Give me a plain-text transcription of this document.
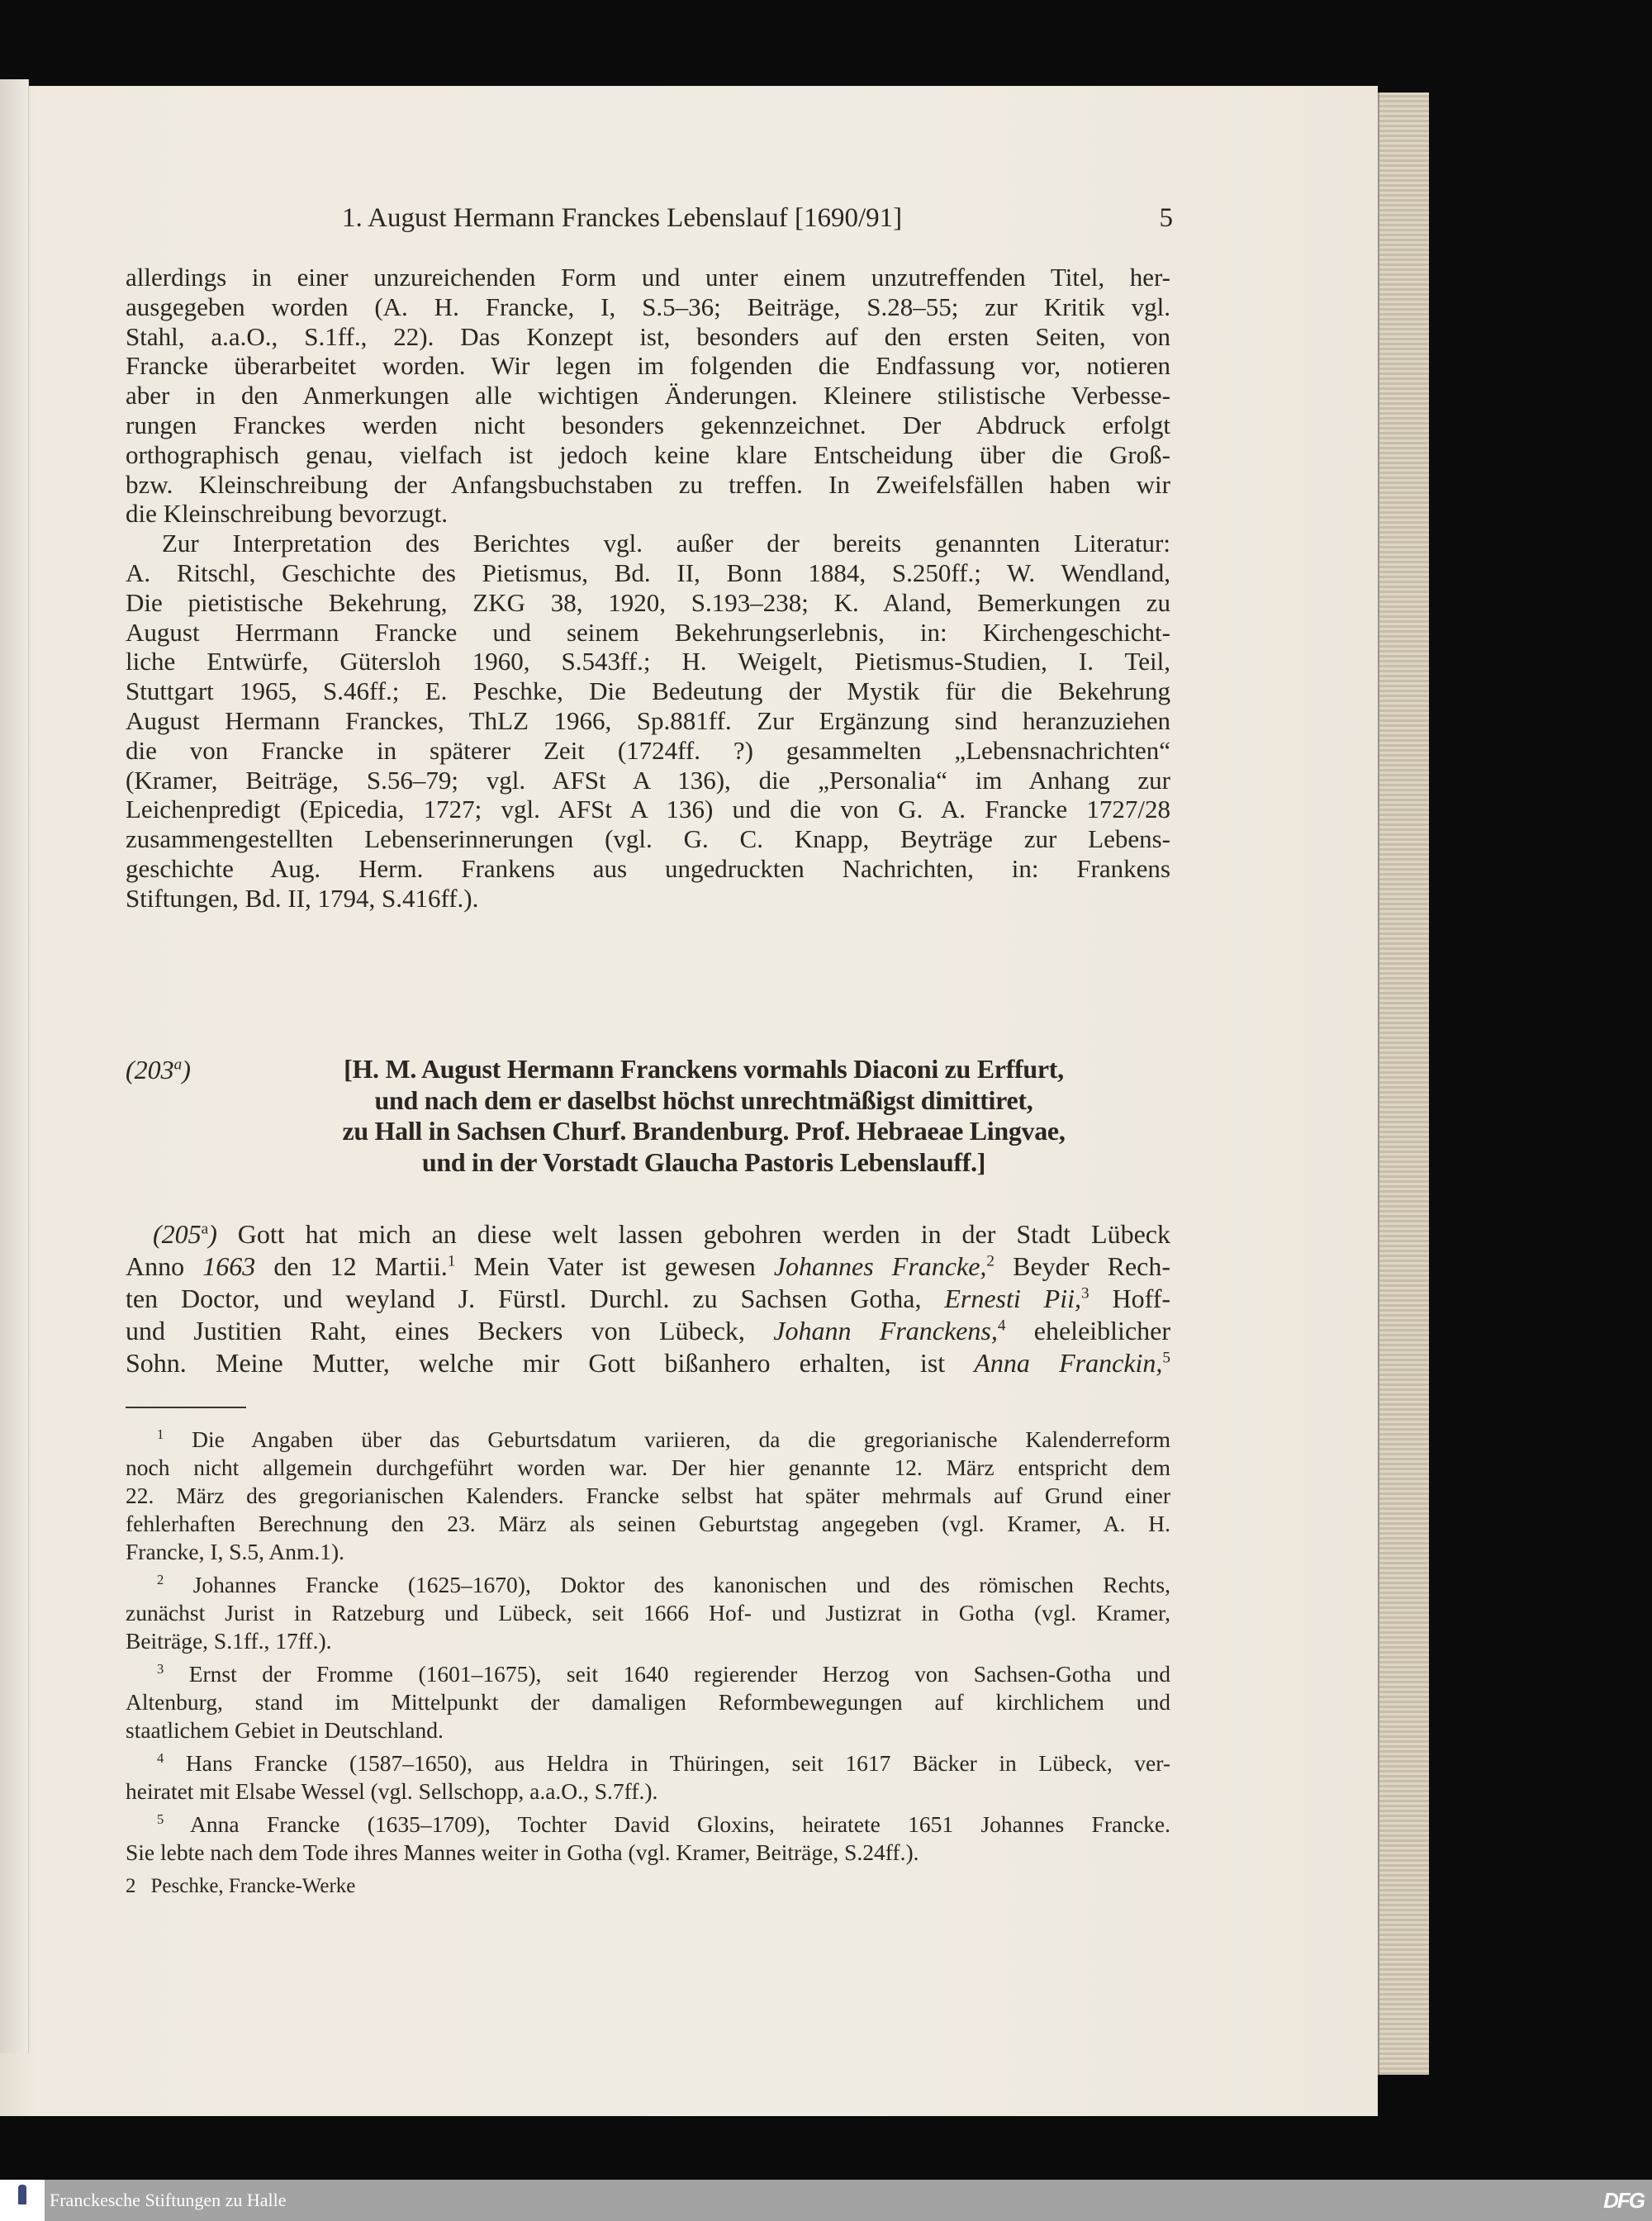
1. August Hermann Franckes Lebenslauf [1690/91]	5
allerdings in einer unzureichenden Form und unter einem unzutreffenden Titel, her-
ausgegeben worden (A. H. Francke, I, S.5–36; Beiträge, S.28–55; zur Kritik vgl.
Stahl, a.a.O., S.1ff., 22). Das Konzept ist, besonders auf den ersten Seiten, von
Francke überarbeitet worden. Wir legen im folgenden die Endfassung vor, notieren
aber in den Anmerkungen alle wichtigen Änderungen. Kleinere stilistische Verbesse-
rungen Franckes werden nicht besonders gekennzeichnet. Der Abdruck erfolgt
orthographisch genau, vielfach ist jedoch keine klare Entscheidung über die Groß-
bzw. Kleinschreibung der Anfangsbuchstaben zu treffen. In Zweifelsfällen haben wir
die Kleinschreibung bevorzugt.
Zur Interpretation des Berichtes vgl. außer der bereits genannten Literatur:
A. Ritschl, Geschichte des Pietismus, Bd. II, Bonn 1884, S.250ff.; W. Wendland,
Die pietistische Bekehrung, ZKG 38, 1920, S.193–238; K. Aland, Bemerkungen zu
August Herrmann Francke und seinem Bekehrungserlebnis, in: Kirchengeschicht-
liche Entwürfe, Gütersloh 1960, S.543ff.; H. Weigelt, Pietismus-Studien, I. Teil,
Stuttgart 1965, S.46ff.; E. Peschke, Die Bedeutung der Mystik für die Bekehrung
August Hermann Franckes, ThLZ 1966, Sp.881ff. Zur Ergänzung sind heranzuziehen
die von Francke in späterer Zeit (1724ff. ?) gesammelten „Lebensnachrichten“
(Kramer, Beiträge, S.56–79; vgl. AFSt A 136), die „Personalia“ im Anhang zur
Leichenpredigt (Epicedia, 1727; vgl. AFSt A 136) und die von G. A. Francke 1727/28
zusammengestellten Lebenserinnerungen (vgl. G. C. Knapp, Beyträge zur Lebens-
geschichte Aug. Herm. Frankens aus ungedruckten Nachrichten, in: Frankens
Stiftungen, Bd. II, 1794, S.416ff.).
(203$^a$)	[H. M. August Hermann Franckens vormahls Diaconi zu Erffurt,
und nach dem er daselbst höchst unrechtmäßigst dimittiret,
zu Hall in Sachsen Churf. Brandenburg. Prof. Hebraeae Lingvae,
und in der Vorstadt Glaucha Pastoris Lebenslauff.]
(205$^a$) Gott hat mich an diese welt lassen gebohren werden in der Stadt Lübeck
Anno 1663 den 12 Martii.$^1$ Mein Vater ist gewesen Johannes Francke,$^2$ Beyder Rech-
ten Doctor, und weyland J. Fürstl. Durchl. zu Sachsen Gotha, Ernesti Pii,$^3$ Hoff-
und Justitien Raht, eines Beckers von Lübeck, Johann Franckens,$^4$ eheleiblicher
Sohn. Meine Mutter, welche mir Gott bißanhero erhalten, ist Anna Franckin,$^5$
$^1$ Die Angaben über das Geburtsdatum variieren, da die gregorianische Kalenderreform
noch nicht allgemein durchgeführt worden war. Der hier genannte 12. März entspricht dem
22. März des gregorianischen Kalenders. Francke selbst hat später mehrmals auf Grund einer
fehlerhaften Berechnung den 23. März als seinen Geburtstag angegeben (vgl. Kramer, A. H.
Francke, I, S.5, Anm.1).
$^2$ Johannes Francke (1625–1670), Doktor des kanonischen und des römischen Rechts,
zunächst Jurist in Ratzeburg und Lübeck, seit 1666 Hof- und Justizrat in Gotha (vgl. Kramer,
Beiträge, S.1ff., 17ff.).
$^3$ Ernst der Fromme (1601–1675), seit 1640 regierender Herzog von Sachsen-Gotha und
Altenburg, stand im Mittelpunkt der damaligen Reformbewegungen auf kirchlichem und
staatlichem Gebiet in Deutschland.
$^4$ Hans Francke (1587–1650), aus Heldra in Thüringen, seit 1617 Bäcker in Lübeck, ver-
heiratet mit Elsabe Wessel (vgl. Sellschopp, a.a.O., S.7ff.).
$^5$ Anna Francke (1635–1709), Tochter David Gloxins, heiratete 1651 Johannes Francke.
Sie lebte nach dem Tode ihres Mannes weiter in Gotha (vgl. Kramer, Beiträge, S.24ff.).
2 Peschke, Francke-Werke
Franckesche Stiftungen zu Halle	DFG
